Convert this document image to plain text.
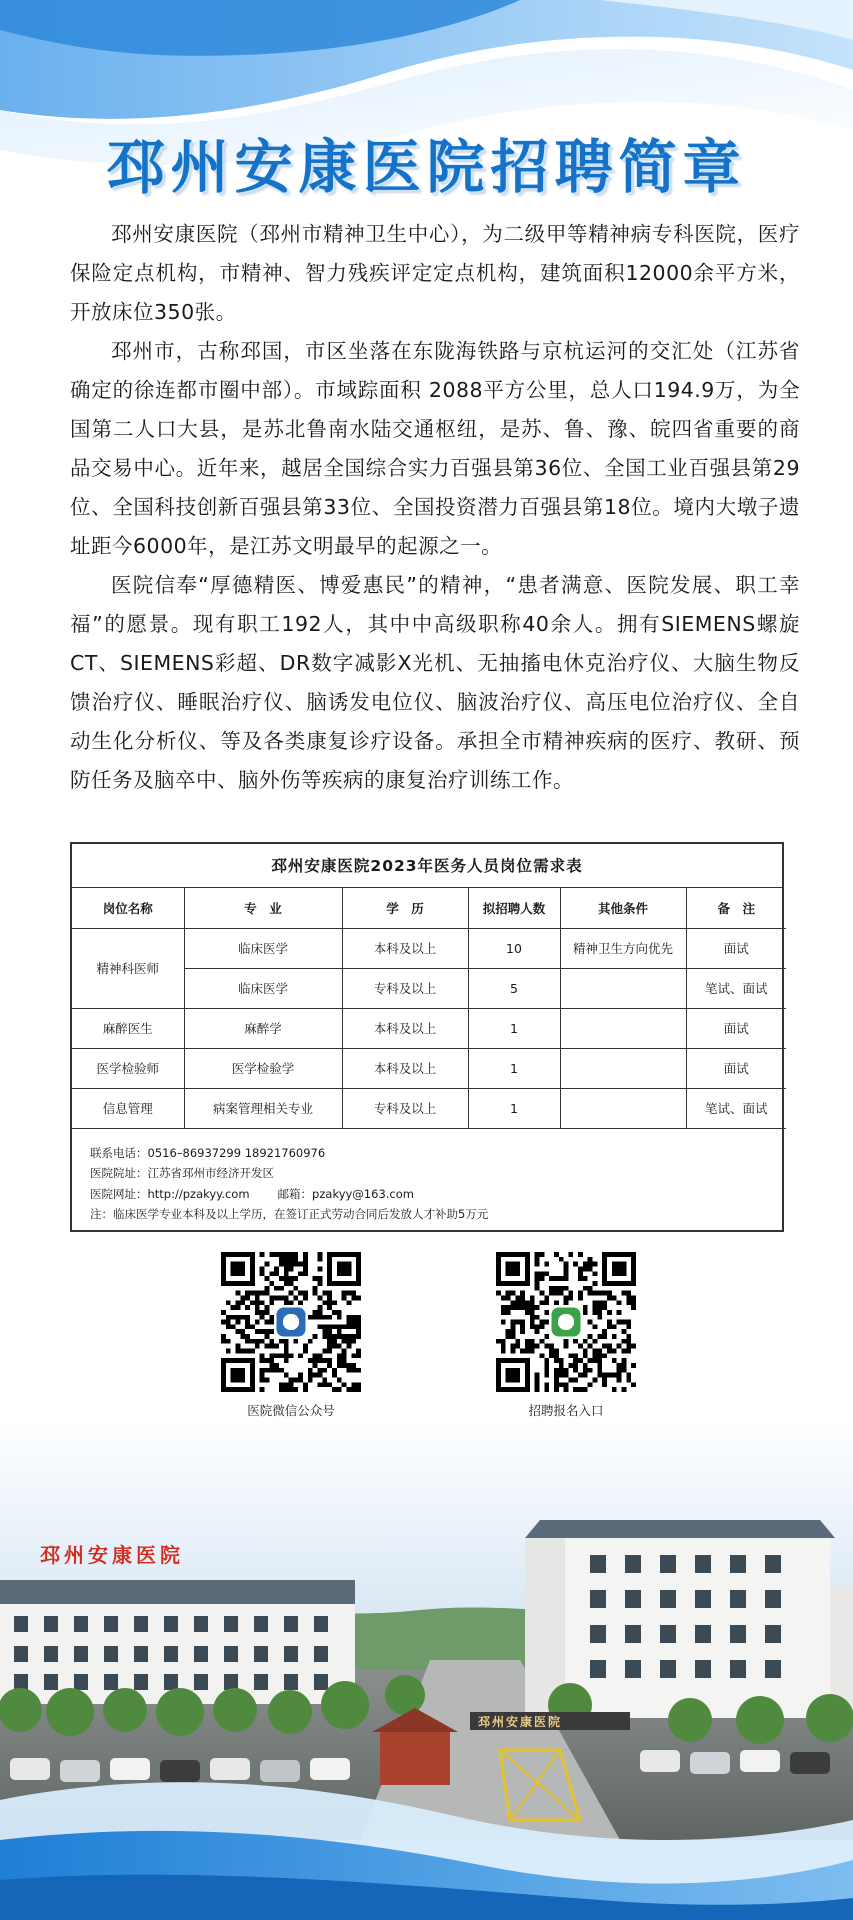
邳州安康医院招聘简章

邳州安康医院（邳州市精神卫生中心），为二级甲等精神病专科医院，医疗保险定点机构，市精神、智力残疾评定定点机构，建筑面积12000余平方米，开放床位350张。

邳州市，古称邳国，市区坐落在东陇海铁路与京杭运河的交汇处（江苏省确定的徐连都市圈中部）。市域踪面积 2088平方公里，总人口194.9万，为全国第二人口大县，是苏北鲁南水陆交通枢纽，是苏、鲁、豫、皖四省重要的商品交易中心。近年来，越居全国综合实力百强县第36位、全国工业百强县第29位、全国科技创新百强县第33位、全国投资潜力百强县第18位。境内大墩子遗址距今6000年，是江苏文明最早的起源之一。

医院信奉“厚德精医、博爱惠民”的精神，“患者满意、医院发展、职工幸福”的愿景。现有职工192人，其中中高级职称40余人。拥有SIEMENS螺旋CT、SIEMENS彩超、DR数字减影X光机、无抽搐电休克治疗仪、大脑生物反馈治疗仪、睡眠治疗仪、脑诱发电位仪、脑波治疗仪、高压电位治疗仪、全自动生化分析仪、等及各类康复诊疗设备。承担全市精神疾病的医疗、教研、预防任务及脑卒中、脑外伤等疾病的康复治疗训练工作。

邳州安康医院2023年医务人员岗位需求表
岗位名称	专　业	学　历	拟招聘人数	其他条件	备　注
精神科医师	临床医学	本科及以上	10	精神卫生方向优先	面试
	临床医学	专科及以上	5		笔试、面试
麻醉医生	麻醉学	本科及以上	1		面试
医学检验师	医学检验学	本科及以上	1		面试
信息管理	病案管理相关专业	专科及以上	1		笔试、面试
联系电话：0516–86937299 18921760976
医院院址：江苏省邳州市经济开发区
医院网址：http://pzakyy.com 邮箱：pzakyy@163.com
注：临床医学专业本科及以上学历，在签订正式劳动合同后发放人才补助5万元
医院微信公众号	招聘报名入口
邳州安康医院
邳州安康医院
